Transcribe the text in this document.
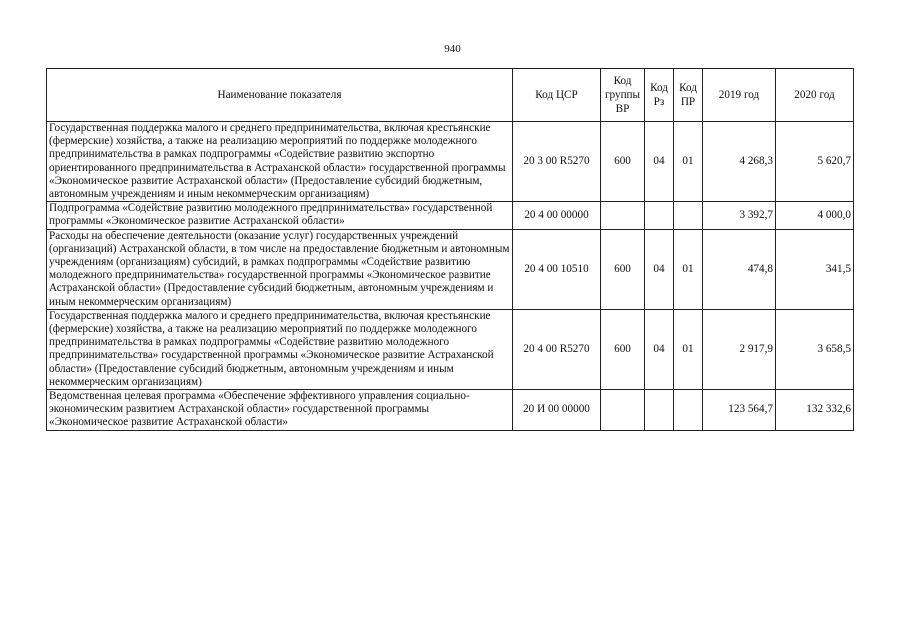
940
Наименование показателя	Код ЦСР	Код группы ВР	Код Рз	Код ПР	2019 год	2020 год
Государственная поддержка малого и среднего предпринимательства, включая крестьянские (фермерские) хозяйства, а также на реализацию мероприятий по поддержке молодежного предпринимательства в рамках подпрограммы «Содействие развитию экспортно ориентированного предпринимательства в Астраханской области» государственной программы «Экономическое развитие Астраханской области» (Предоставление субсидий бюджетным, автономным учреждениям и иным некоммерческим организациям)	20 3 00 R5270	600	04	01	4 268,3	5 620,7
Подпрограмма «Содействие развитию молодежного предпринимательства» государственной программы «Экономическое развитие Астраханской области»	20 4 00 00000				3 392,7	4 000,0
Расходы на обеспечение деятельности (оказание услуг) государственных учреждений (организаций) Астраханской области, в том числе на предоставление бюджетным и автономным учреждениям (организациям) субсидий, в рамках подпрограммы «Содействие развитию молодежного предпринимательства» государственной программы «Экономическое развитие Астраханской области» (Предоставление субсидий бюджетным, автономным учреждениям и иным некоммерческим организациям)	20 4 00 10510	600	04	01	474,8	341,5
Государственная поддержка малого и среднего предпринимательства, включая крестьянские (фермерские) хозяйства, а также на реализацию мероприятий по поддержке молодежного предпринимательства в рамках подпрограммы «Содействие развитию молодежного предпринимательства» государственной программы «Экономическое развитие Астраханской области» (Предоставление субсидий бюджетным, автономным учреждениям и иным некоммерческим организациям)	20 4 00 R5270	600	04	01	2 917,9	3 658,5
Ведомственная целевая программа «Обеспечение эффективного управления социально-экономическим развитием Астраханской области» государственной программы «Экономическое развитие Астраханской области»	20 И 00 00000				123 564,7	132 332,6
